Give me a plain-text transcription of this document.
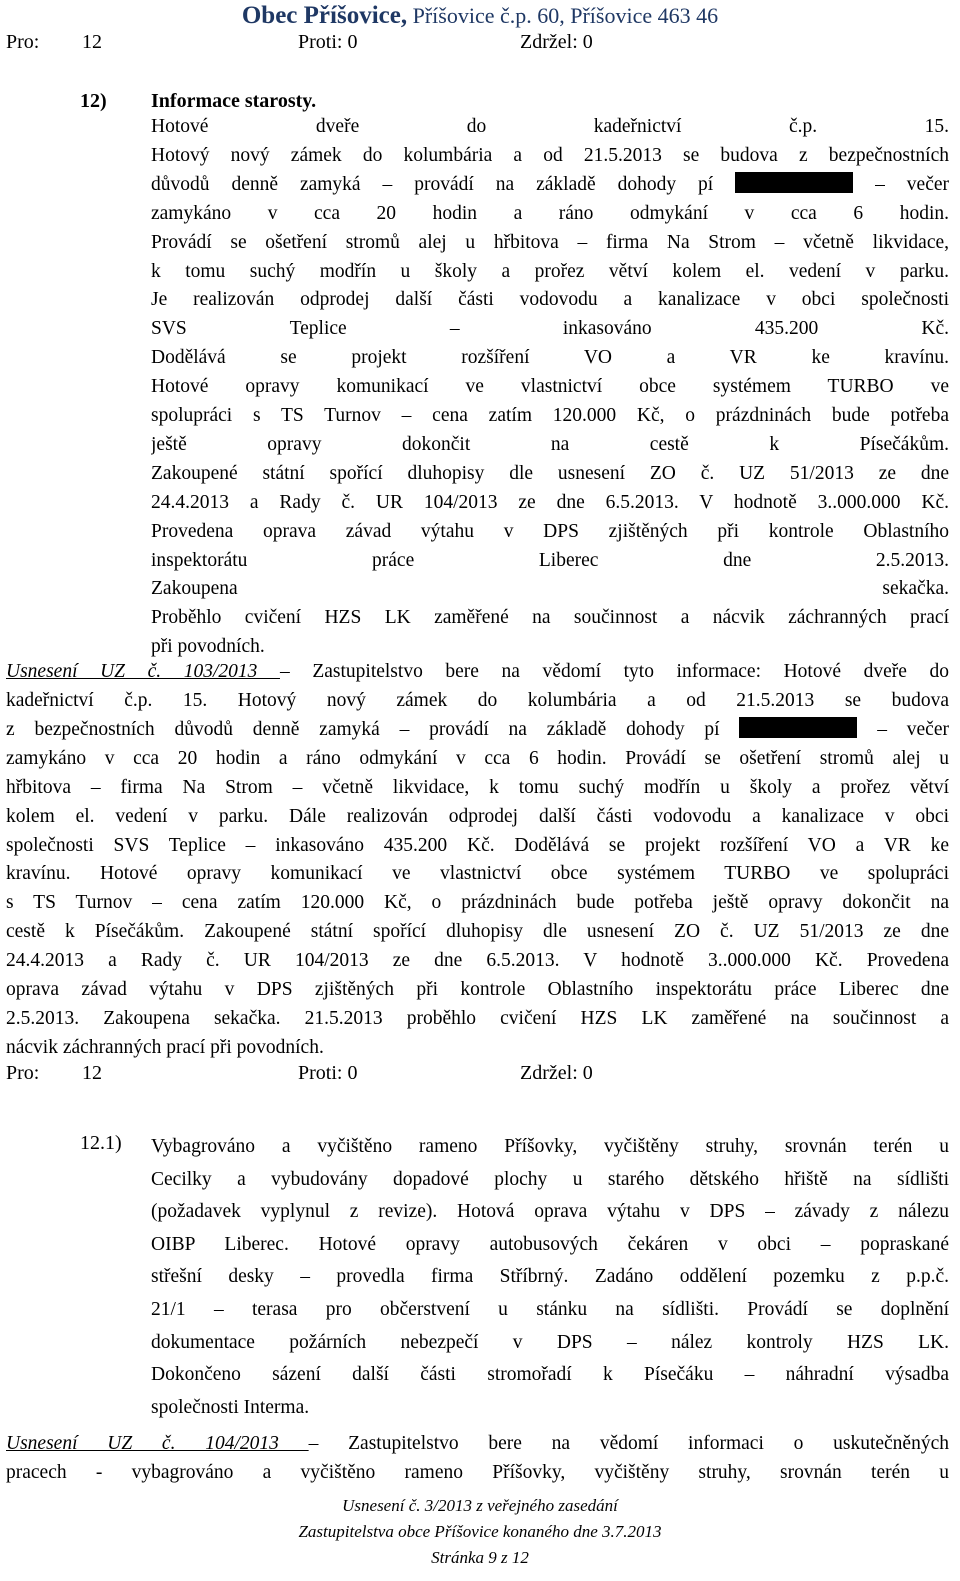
Obec Příšovice, Příšovice č.p. 60, Příšovice 463 46
Pro: 12	Proti: 0	Zdržel: 0
12) Informace starosty.
Hotové dveře do kadeřnictví č.p. 15.
Hotový nový zámek do kolumbária a od 21.5.2013 se budova z bezpečnostních
důvodů denně zamyká – provádí na základě dohody pí	– večer
zamykáno v cca 20 hodin a ráno odmykání v cca 6 hodin.
Provádí se ošetření stromů alej u hřbitova – firma Na Strom – včetně likvidace,
k tomu suchý modřín u školy a prořez větví kolem el. vedení v parku.
Je realizován odprodej další části vodovodu a kanalizace v obci společnosti
SVS Teplice – inkasováno 435.200 Kč.
Dodělává se projekt rozšíření VO a VR ke kravínu.
Hotové opravy komunikací ve vlastnictví obce systémem TURBO ve
spolupráci s TS Turnov – cena zatím 120.000 Kč, o prázdninách bude potřeba
ještě opravy dokončit na cestě k Písečákům.
Zakoupené státní spořící dluhopisy dle usnesení ZO č. UZ 51/2013 ze dne
24.4.2013 a Rady č. UR 104/2013 ze dne 6.5.2013. V hodnotě 3..000.000 Kč.
Provedena oprava závad výtahu v DPS zjištěných při kontrole Oblastního
inspektorátu práce Liberec dne 2.5.2013.
Zakoupena sekačka.
Proběhlo cvičení HZS LK zaměřené na součinnost a nácvik záchranných prací
při povodních.
Usnesení UZ č. 103/2013 – Zastupitelstvo bere na vědomí tyto informace: Hotové dveře do
kadeřnictví č.p. 15. Hotový nový zámek do kolumbária a od 21.5.2013 se budova
z bezpečnostních důvodů denně zamyká – provádí na základě dohody pí	– večer
zamykáno v cca 20 hodin a ráno odmykání v cca 6 hodin. Provádí se ošetření stromů alej u
hřbitova – firma Na Strom – včetně likvidace, k tomu suchý modřín u školy a prořez větví
kolem el. vedení v parku. Dále realizován odprodej další části vodovodu a kanalizace v obci
společnosti SVS Teplice – inkasováno 435.200 Kč. Dodělává se projekt rozšíření VO a VR ke
kravínu. Hotové opravy komunikací ve vlastnictví obce systémem TURBO ve spolupráci
s TS Turnov – cena zatím 120.000 Kč, o prázdninách bude potřeba ještě opravy dokončit na
cestě k Písečákům. Zakoupené státní spořící dluhopisy dle usnesení ZO č. UZ 51/2013 ze dne
24.4.2013 a Rady č. UR 104/2013 ze dne 6.5.2013. V hodnotě 3..000.000 Kč. Provedena
oprava závad výtahu v DPS zjištěných při kontrole Oblastního inspektorátu práce Liberec dne
2.5.2013. Zakoupena sekačka. 21.5.2013 proběhlo cvičení HZS LK zaměřené na součinnost a
nácvik záchranných prací při povodních.
Pro: 12	Proti: 0	Zdržel: 0
12.1) Vybagrováno a vyčištěno rameno Příšovky, vyčištěny struhy, srovnán terén u
Cecilky a vybudovány dopadové plochy u starého dětského hřiště na sídlišti
(požadavek vyplynul z revize). Hotová oprava výtahu v DPS – závady z nálezu
OIBP Liberec. Hotové opravy autobusových čekáren v obci – popraskané
střešní desky – provedla firma Stříbrný. Zadáno oddělení pozemku z p.p.č.
21/1 – terasa pro občerstvení u stánku na sídlišti. Provádí se doplnění
dokumentace požárních nebezpečí v DPS – nález kontroly HZS LK.
Dokončeno sázení další části stromořadí k Písečáku – náhradní výsadba
společnosti Interma.
Usnesení UZ č. 104/2013 – Zastupitelstvo bere na vědomí informaci o uskutečněných
pracech - vybagrováno a vyčištěno rameno Příšovky, vyčištěny struhy, srovnán terén u
Usnesení č. 3/2013 z veřejného zasedání
Zastupitelstva obce Příšovice konaného dne 3.7.2013
Stránka 9 z 12
